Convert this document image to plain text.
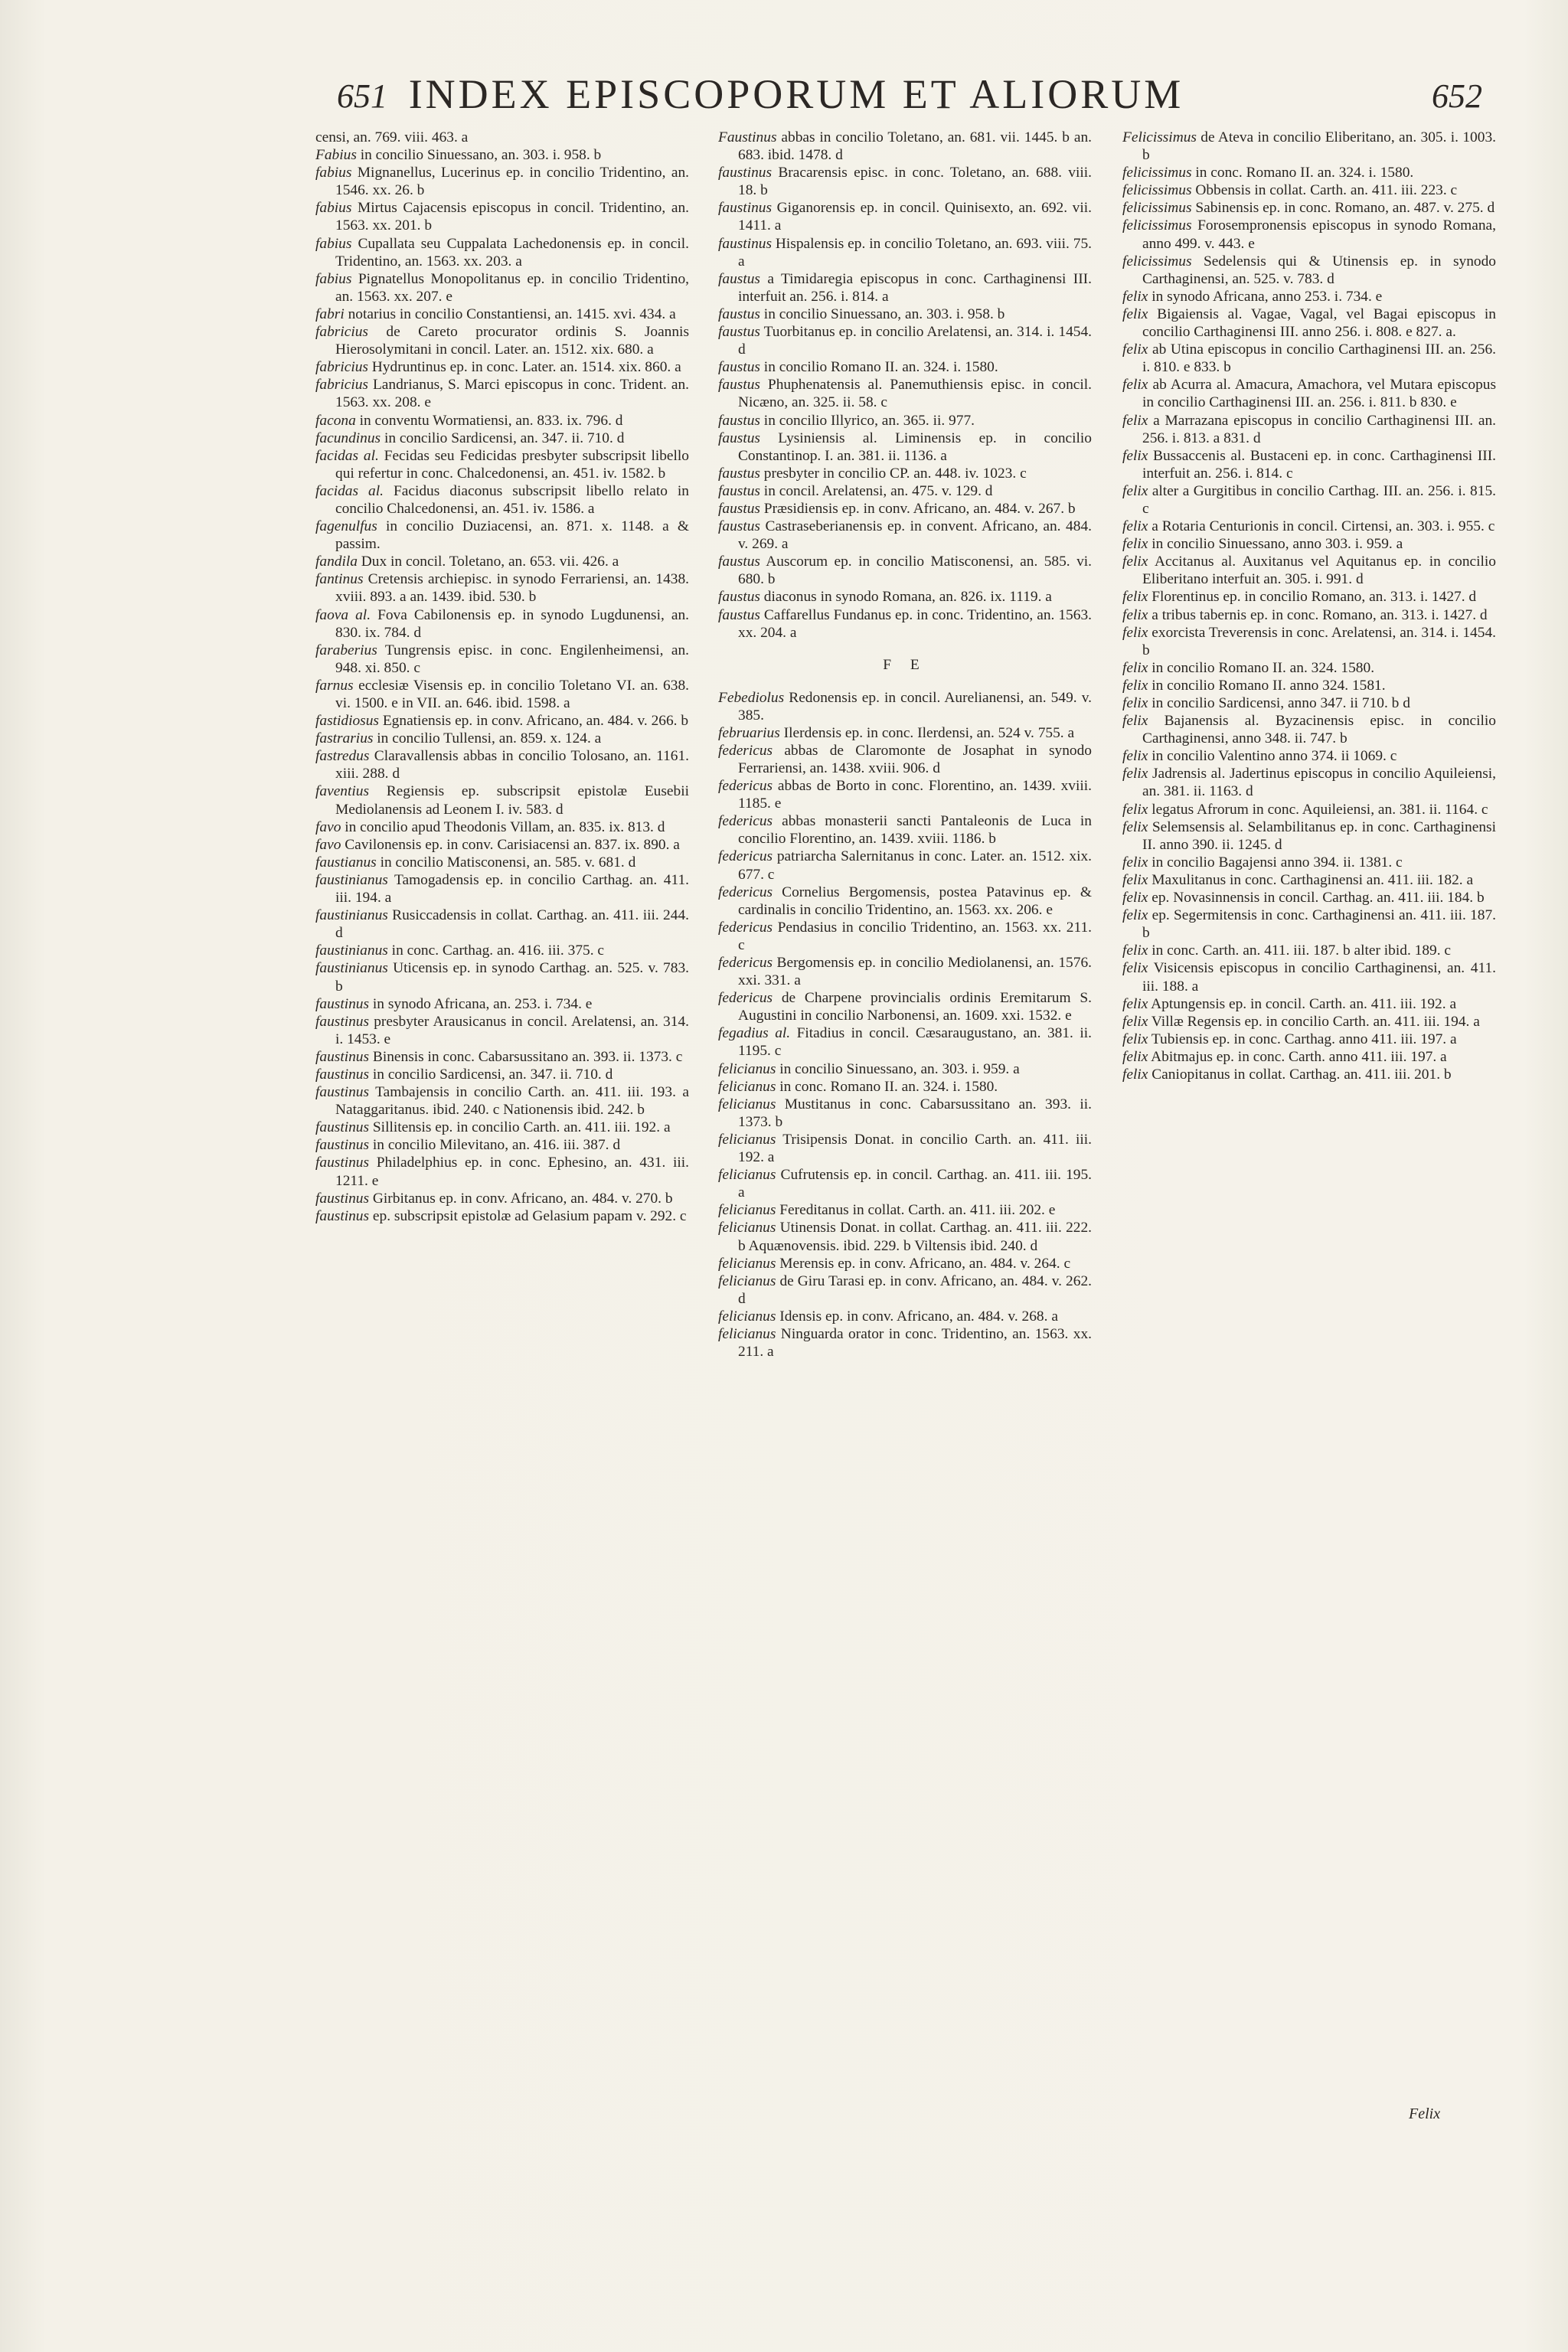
651 INDEX EPISCOPORUM ET ALIORUM	652

censi, an. 769. viii. 463. a

Fabius in concilio Sinuessano, an. 303. i. 958. b

fabius Mignanellus, Lucerinus ep. in concilio Tridentino, an. 1546. xx. 26. b

fabius Mirtus Cajacensis episcopus in concil. Tridentino, an. 1563. xx. 201. b

fabius Cupallata seu Cuppalata Lachedonensis ep. in concil. Tridentino, an. 1563. xx. 203. a

fabius Pignatellus Monopolitanus ep. in concilio Tridentino, an. 1563. xx. 207. e

fabri notarius in concilio Constantiensi, an. 1415. xvi. 434. a

fabricius de Careto procurator ordinis S. Joannis Hierosolymitani in concil. Later. an. 1512. xix. 680. a

fabricius Hydruntinus ep. in conc. Later. an. 1514. xix. 860. a

fabricius Landrianus, S. Marci episcopus in conc. Trident. an. 1563. xx. 208. e

facona in conventu Wormatiensi, an. 833. ix. 796. d

facundinus in concilio Sardicensi, an. 347. ii. 710. d

facidas al. Fecidas seu Fedicidas presbyter subscripsit libello qui refertur in conc. Chalcedonensi, an. 451. iv. 1582. b

facidas al. Facidus diaconus subscripsit libello relato in concilio Chalcedonensi, an. 451. iv. 1586. a

fagenulfus in concilio Duziacensi, an. 871. x. 1148. a & passim.

fandila Dux in concil. Toletano, an. 653. vii. 426. a

fantinus Cretensis archiepisc. in synodo Ferrariensi, an. 1438. xviii. 893. a an. 1439. ibid. 530. b

faova al. Fova Cabilonensis ep. in synodo Lugdunensi, an. 830. ix. 784. d

faraberius Tungrensis episc. in conc. Engilenheimensi, an. 948. xi. 850. c

farnus ecclesiæ Visensis ep. in concilio Toletano VI. an. 638. vi. 1500. e in VII. an. 646. ibid. 1598. a

fastidiosus Egnatiensis ep. in conv. Africano, an. 484. v. 266. b

fastrarius in concilio Tullensi, an. 859. x. 124. a

fastredus Claravallensis abbas in concilio Tolosano, an. 1161. xiii. 288. d

faventius Regiensis ep. subscripsit epistolæ Eusebii Mediolanensis ad Leonem I. iv. 583. d

favo in concilio apud Theodonis Villam, an. 835. ix. 813. d

favo Cavilonensis ep. in conv. Carisiacensi an. 837. ix. 890. a

faustianus in concilio Matisconensi, an. 585. v. 681. d

faustinianus Tamogadensis ep. in concilio Carthag. an. 411. iii. 194. a

faustinianus Rusiccadensis in collat. Carthag. an. 411. iii. 244. d

faustinianus in conc. Carthag. an. 416. iii. 375. c

faustinianus Uticensis ep. in synodo Carthag. an. 525. v. 783. b

faustinus in synodo Africana, an. 253. i. 734. e

faustinus presbyter Arausicanus in concil. Arelatensi, an. 314. i. 1453. e

faustinus Binensis in conc. Cabarsussitano an. 393. ii. 1373. c

faustinus in concilio Sardicensi, an. 347. ii. 710. d

faustinus Tambajensis in concilio Carth. an. 411. iii. 193. a Nataggaritanus. ibid. 240. c Nationensis ibid. 242. b

faustinus Sillitensis ep. in concilio Carth. an. 411. iii. 192. a

faustinus in concilio Milevitano, an. 416. iii. 387. d

faustinus Philadelphius ep. in conc. Ephesino, an. 431. iii. 1211. e

faustinus Girbitanus ep. in conv. Africano, an. 484. v. 270. b

faustinus ep. subscripsit epistolæ ad Gelasium papam v. 292. c

Faustinus abbas in concilio Toletano, an. 681. vii. 1445. b an. 683. ibid. 1478. d

faustinus Bracarensis episc. in conc. Toletano, an. 688. viii. 18. b

faustinus Giganorensis ep. in concil. Quinisexto, an. 692. vii. 1411. a

faustinus Hispalensis ep. in concilio Toletano, an. 693. viii. 75. a

faustus a Timidaregia episcopus in conc. Carthaginensi III. interfuit an. 256. i. 814. a

faustus in concilio Sinuessano, an. 303. i. 958. b

faustus Tuorbitanus ep. in concilio Arelatensi, an. 314. i. 1454. d

faustus in concilio Romano II. an. 324. i. 1580.

faustus Phuphenatensis al. Panemuthiensis episc. in concil. Nicæno, an. 325. ii. 58. c

faustus in concilio Illyrico, an. 365. ii. 977.

faustus Lysiniensis al. Liminensis ep. in concilio Constantinop. I. an. 381. ii. 1136. a

faustus presbyter in concilio CP. an. 448. iv. 1023. c

faustus in concil. Arelatensi, an. 475. v. 129. d

faustus Præsidiensis ep. in conv. Africano, an. 484. v. 267. b

faustus Castraseberianensis ep. in convent. Africano, an. 484. v. 269. a

faustus Auscorum ep. in concilio Matisconensi, an. 585. vi. 680. b

faustus diaconus in synodo Romana, an. 826. ix. 1119. a

faustus Caffarellus Fundanus ep. in conc. Tridentino, an. 1563. xx. 204. a

F E

Febediolus Redonensis ep. in concil. Aurelianensi, an. 549. v. 385.

februarius Ilerdensis ep. in conc. Ilerdensi, an. 524 v. 755. a

federicus abbas de Claromonte de Josaphat in synodo Ferrariensi, an. 1438. xviii. 906. d

federicus abbas de Borto in conc. Florentino, an. 1439. xviii. 1185. e

federicus abbas monasterii sancti Pantaleonis de Luca in concilio Florentino, an. 1439. xviii. 1186. b

federicus patriarcha Salernitanus in conc. Later. an. 1512. xix. 677. c

federicus Cornelius Bergomensis, postea Patavinus ep. & cardinalis in concilio Tridentino, an. 1563. xx. 206. e

federicus Pendasius in concilio Tridentino, an. 1563. xx. 211. c

federicus Bergomensis ep. in concilio Mediolanensi, an. 1576. xxi. 331. a

federicus de Charpene provincialis ordinis Eremitarum S. Augustini in concilio Narbonensi, an. 1609. xxi. 1532. e

fegadius al. Fitadius in concil. Cæsaraugustano, an. 381. ii. 1195. c

felicianus in concilio Sinuessano, an. 303. i. 959. a

felicianus in conc. Romano II. an. 324. i. 1580.

felicianus Mustitanus in conc. Cabarsussitano an. 393. ii. 1373. b

felicianus Trisipensis Donat. in concilio Carth. an. 411. iii. 192. a

felicianus Cufrutensis ep. in concil. Carthag. an. 411. iii. 195. a

felicianus Fereditanus in collat. Carth. an. 411. iii. 202. e

felicianus Utinensis Donat. in collat. Carthag. an. 411. iii. 222. b Aquænovensis. ibid. 229. b Viltensis ibid. 240. d

felicianus Merensis ep. in conv. Africano, an. 484. v. 264. c

felicianus de Giru Tarasi ep. in conv. Africano, an. 484. v. 262. d

felicianus Idensis ep. in conv. Africano, an. 484. v. 268. a

felicianus Ninguarda orator in conc. Tridentino, an. 1563. xx. 211. a

Felicissimus de Ateva in concilio Eliberitano, an. 305. i. 1003. b

felicissimus in conc. Romano II. an. 324. i. 1580.

felicissimus Obbensis in collat. Carth. an. 411. iii. 223. c

felicissimus Sabinensis ep. in conc. Romano, an. 487. v. 275. d

felicissimus Forosempronensis episcopus in synodo Romana, anno 499. v. 443. e

felicissimus Sedelensis qui & Utinensis ep. in synodo Carthaginensi, an. 525. v. 783. d

felix in synodo Africana, anno 253. i. 734. e

felix Bigaiensis al. Vagae, Vagal, vel Bagai episcopus in concilio Carthaginensi III. anno 256. i. 808. e 827. a.

felix ab Utina episcopus in concilio Carthaginensi III. an. 256. i. 810. e 833. b

felix ab Acurra al. Amacura, Amachora, vel Mutara episcopus in concilio Carthaginensi III. an. 256. i. 811. b 830. e

felix a Marrazana episcopus in concilio Carthaginensi III. an. 256. i. 813. a 831. d

felix Bussaccenis al. Bustaceni ep. in conc. Carthaginensi III. interfuit an. 256. i. 814. c

felix alter a Gurgitibus in concilio Carthag. III. an. 256. i. 815. c

felix a Rotaria Centurionis in concil. Cirtensi, an. 303. i. 955. c

felix in concilio Sinuessano, anno 303. i. 959. a

felix Accitanus al. Auxitanus vel Aquitanus ep. in concilio Eliberitano interfuit an. 305. i. 991. d

felix Florentinus ep. in concilio Romano, an. 313. i. 1427. d

felix a tribus tabernis ep. in conc. Romano, an. 313. i. 1427. d

felix exorcista Treverensis in conc. Arelatensi, an. 314. i. 1454. b

felix in concilio Romano II. an. 324. 1580.

felix in concilio Romano II. anno 324. 1581.

felix in concilio Sardicensi, anno 347. ii 710. b d

felix Bajanensis al. Byzacinensis episc. in concilio Carthaginensi, anno 348. ii. 747. b

felix in concilio Valentino anno 374. ii 1069. c

felix Jadrensis al. Jadertinus episcopus in concilio Aquileiensi, an. 381. ii. 1163. d

felix legatus Afrorum in conc. Aquileiensi, an. 381. ii. 1164. c

felix Selemsensis al. Selambilitanus ep. in conc. Carthaginensi II. anno 390. ii. 1245. d

felix in concilio Bagajensi anno 394. ii. 1381. c

felix Maxulitanus in conc. Carthaginensi an. 411. iii. 182. a

felix ep. Novasinnensis in concil. Carthag. an. 411. iii. 184. b

felix ep. Segermitensis in conc. Carthaginensi an. 411. iii. 187. b

felix in conc. Carth. an. 411. iii. 187. b alter ibid. 189. c

felix Visicensis episcopus in concilio Carthaginensi, an. 411. iii. 188. a

felix Aptungensis ep. in concil. Carth. an. 411. iii. 192. a

felix Villæ Regensis ep. in concilio Carth. an. 411. iii. 194. a

felix Tubiensis ep. in conc. Carthag. anno 411. iii. 197. a

felix Abitmajus ep. in conc. Carth. anno 411. iii. 197. a

felix Caniopitanus in collat. Carthag. an. 411. iii. 201. b

Felix
